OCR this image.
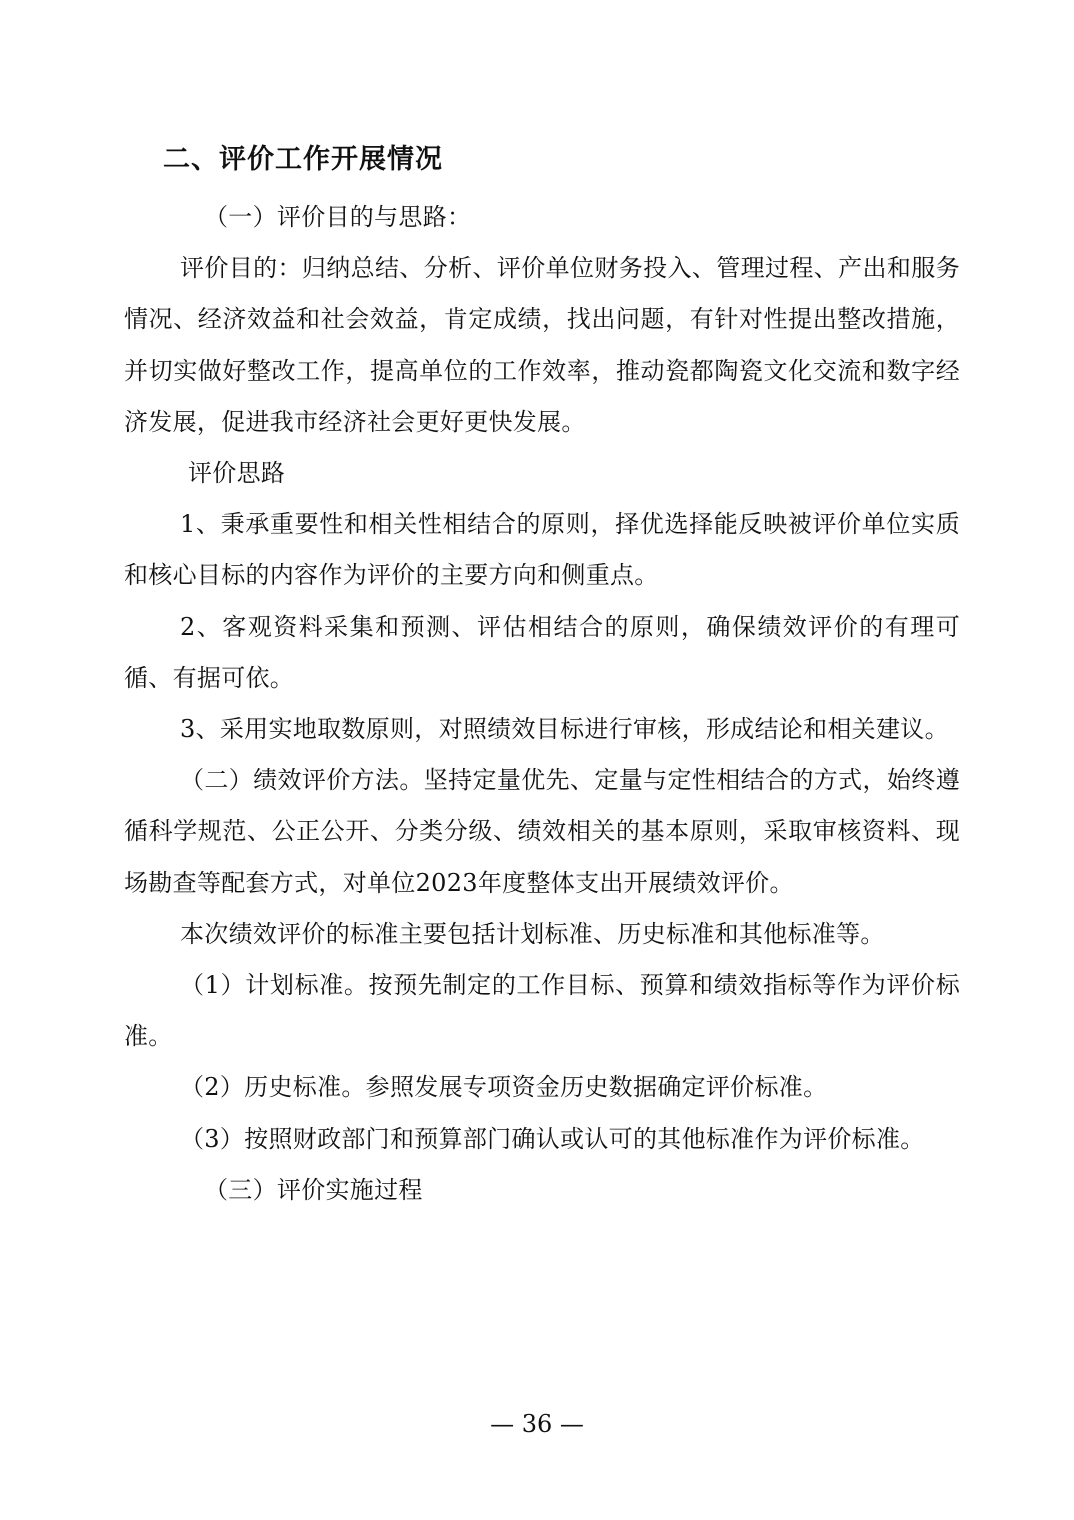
二、评价工作开展情况

（一）评价目的与思路：

评价目的：归纳总结、分析、评价单位财务投入、管理过程、产出和服务情况、经济效益和社会效益，肯定成绩，找出问题，有针对性提出整改措施，并切实做好整改工作，提高单位的工作效率，推动瓷都陶瓷文化交流和数字经济发展，促进我市经济社会更好更快发展。

评价思路

1、秉承重要性和相关性相结合的原则，择优选择能反映被评价单位实质和核心目标的内容作为评价的主要方向和侧重点。

2、客观资料采集和预测、评估相结合的原则，确保绩效评价的有理可循、有据可依。

3、采用实地取数原则，对照绩效目标进行审核，形成结论和相关建议。

（二）绩效评价方法。坚持定量优先、定量与定性相结合的方式，始终遵循科学规范、公正公开、分类分级、绩效相关的基本原则，采取审核资料、现场勘查等配套方式，对单位2023年度整体支出开展绩效评价。

本次绩效评价的标准主要包括计划标准、历史标准和其他标准等。

（1）计划标准。按预先制定的工作目标、预算和绩效指标等作为评价标准。

（2）历史标准。参照发展专项资金历史数据确定评价标准。

（3）按照财政部门和预算部门确认或认可的其他标准作为评价标准。

（三）评价实施过程

— 36 —
